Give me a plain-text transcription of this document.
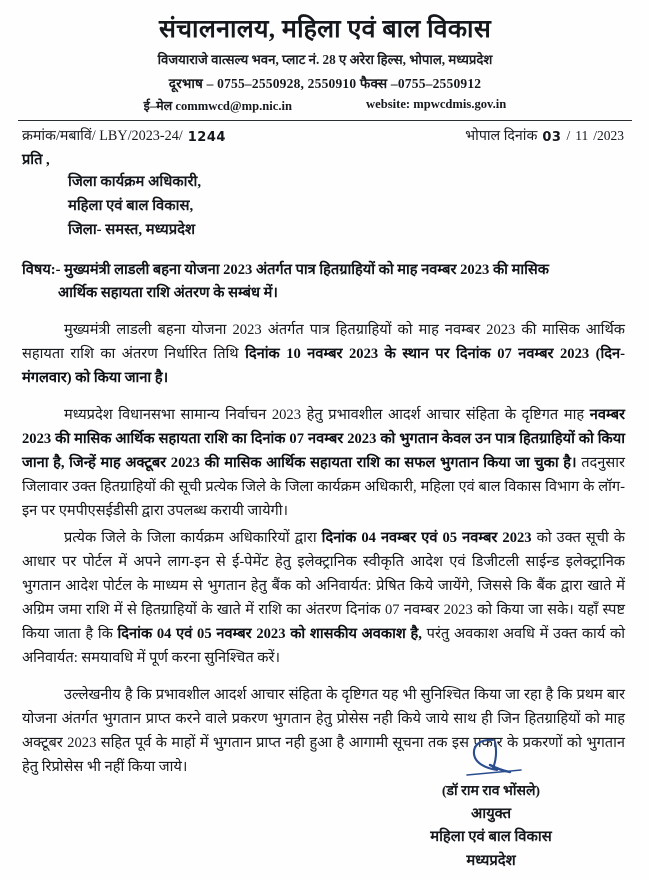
संचालनालय, महिला एवं बाल विकास
विजयाराजे वात्सल्य भवन, प्लाट नं. 28 ए अरेरा हिल्स, भोपाल, मध्यप्रदेश
दूरभाष – 0755–2550928, 2550910 फैक्स –0755–2550912
ई–मेल commwcd@mp.nic.in	website: mpwcdmis.gov.in
क्रमांक/मबाविं/ LBY/2023-24/ 1244	भोपाल दिनांक 03 / 11 /2023
प्रति ,
जिला कार्यक्रम अधिकारी,
महिला एवं बाल विकास,
जिला- समस्त, मध्यप्रदेश
विषय:- मुख्यमंत्री लाडली बहना योजना 2023 अंतर्गत पात्र हितग्राहियों को माह नवम्बर 2023 की मासिक
आर्थिक सहायता राशि अंतरण के सम्बंध में।

मुख्यमंत्री लाडली बहना योजना 2023 अंतर्गत पात्र हितग्राहियों को माह नवम्बर 2023 की मासिक आर्थिक सहायता राशि का अंतरण निर्धारित तिथि दिनांक 10 नवम्बर 2023 के स्थान पर दिनांक 07 नवम्बर 2023 (दिन-मंगलवार) को किया जाना है।

मध्यप्रदेश विधानसभा सामान्य निर्वाचन 2023 हेतु प्रभावशील आदर्श आचार संहिता के दृष्टिगत माह नवम्बर 2023 की मासिक आर्थिक सहायता राशि का दिनांक 07 नवम्बर 2023 को भुगतान केवल उन पात्र हितग्राहियों को किया जाना है, जिन्हें माह अक्टूबर 2023 की मासिक आर्थिक सहायता राशि का सफल भुगतान किया जा चुका है। तदनुसार जिलावार उक्त हितग्राहियों की सूची प्रत्येक जिले के जिला कार्यक्रम अधिकारी, महिला एवं बाल विकास विभाग के लॉग-इन पर एमपीएसईडीसी द्वारा उपलब्ध करायी जायेगी।

प्रत्येक जिले के जिला कार्यक्रम अधिकारियों द्वारा दिनांक 04 नवम्बर एवं 05 नवम्बर 2023 को उक्त सूची के आधार पर पोर्टल में अपने लाग-इन से ई-पेमेंट हेतु इलेक्ट्रानिक स्वीकृति आदेश एवं डिजीटली साईन्ड इलेक्ट्रानिक भुगतान आदेश पोर्टल के माध्यम से भुगतान हेतु बैंक को अनिवार्यत: प्रेषित किये जायेंगे, जिससे कि बैंक द्वारा खाते में अग्रिम जमा राशि में से हितग्राहियों के खाते में राशि का अंतरण दिनांक 07 नवम्बर 2023 को किया जा सके। यहॉं स्पष्ट किया जाता है कि दिनांक 04 एवं 05 नवम्बर 2023 को शासकीय अवकाश है, परंतु अवकाश अवधि में उक्त कार्य को अनिवार्यत: समयावधि में पूर्ण करना सुनिश्चित करें।

उल्लेखनीय है कि प्रभावशील आदर्श आचार संहिता के दृष्टिगत यह भी सुनिश्चित किया जा रहा है कि प्रथम बार योजना अंतर्गत भुगतान प्राप्त करने वाले प्रकरण भुगतान हेतु प्रोसेस नही किये जाये साथ ही जिन हितग्राहियों को माह अक्टूबर 2023 सहित पूर्व के माहों में भुगतान प्राप्त नही हुआ है आगामी सूचना तक इस प्रकार के प्रकरणों को भुगतान हेतु रिप्रोसेस भी नहीं किया जाये।

(डॉ राम राव भोंसले)
आयुक्त
महिला एवं बाल विकास
मध्यप्रदेश
